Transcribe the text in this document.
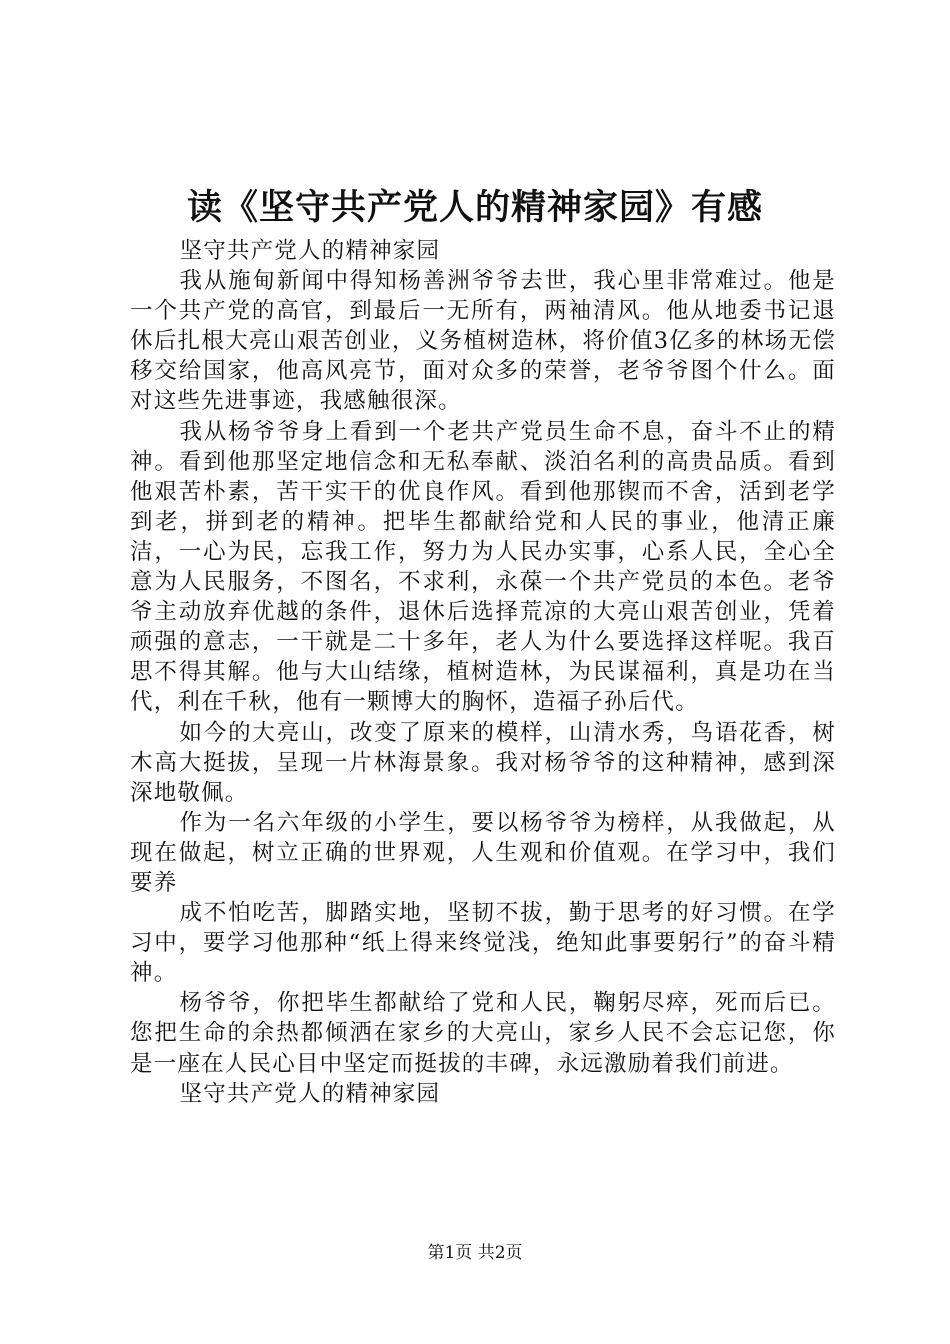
读《坚守共产党人的精神家园》有感

坚守共产党人的精神家园

我从施甸新闻中得知杨善洲爷爷去世，我心里非常难过。他是一个共产党的高官，到最后一无所有，两袖清风。他从地委书记退休后扎根大亮山艰苦创业，义务植树造林，将价值3亿多的林场无偿移交给国家，他高风亮节，面对众多的荣誉，老爷爷图个什么。面对这些先进事迹，我感触很深。

我从杨爷爷身上看到一个老共产党员生命不息，奋斗不止的精神。看到他那坚定地信念和无私奉献、淡泊名利的高贵品质。看到他艰苦朴素，苦干实干的优良作风。看到他那锲而不舍，活到老学到老，拼到老的精神。把毕生都献给党和人民的事业，他清正廉洁，一心为民，忘我工作，努力为人民办实事，心系人民，全心全意为人民服务，不图名，不求利，永葆一个共产党员的本色。老爷爷主动放弃优越的条件，退休后选择荒凉的大亮山艰苦创业，凭着顽强的意志，一干就是二十多年，老人为什么要选择这样呢。我百思不得其解。他与大山结缘，植树造林，为民谋福利，真是功在当代，利在千秋，他有一颗博大的胸怀，造福子孙后代。

如今的大亮山，改变了原来的模样，山清水秀，鸟语花香，树木高大挺拔，呈现一片林海景象。我对杨爷爷的这种精神，感到深深地敬佩。

作为一名六年级的小学生，要以杨爷爷为榜样，从我做起，从现在做起，树立正确的世界观，人生观和价值观。在学习中，我们要养

成不怕吃苦，脚踏实地，坚韧不拔，勤于思考的好习惯。在学习中，要学习他那种“纸上得来终觉浅，绝知此事要躬行”的奋斗精神。

杨爷爷，你把毕生都献给了党和人民，鞠躬尽瘁，死而后已。您把生命的余热都倾洒在家乡的大亮山，家乡人民不会忘记您，你是一座在人民心目中坚定而挺拔的丰碑，永远激励着我们前进。

坚守共产党人的精神家园

第1页 共2页
